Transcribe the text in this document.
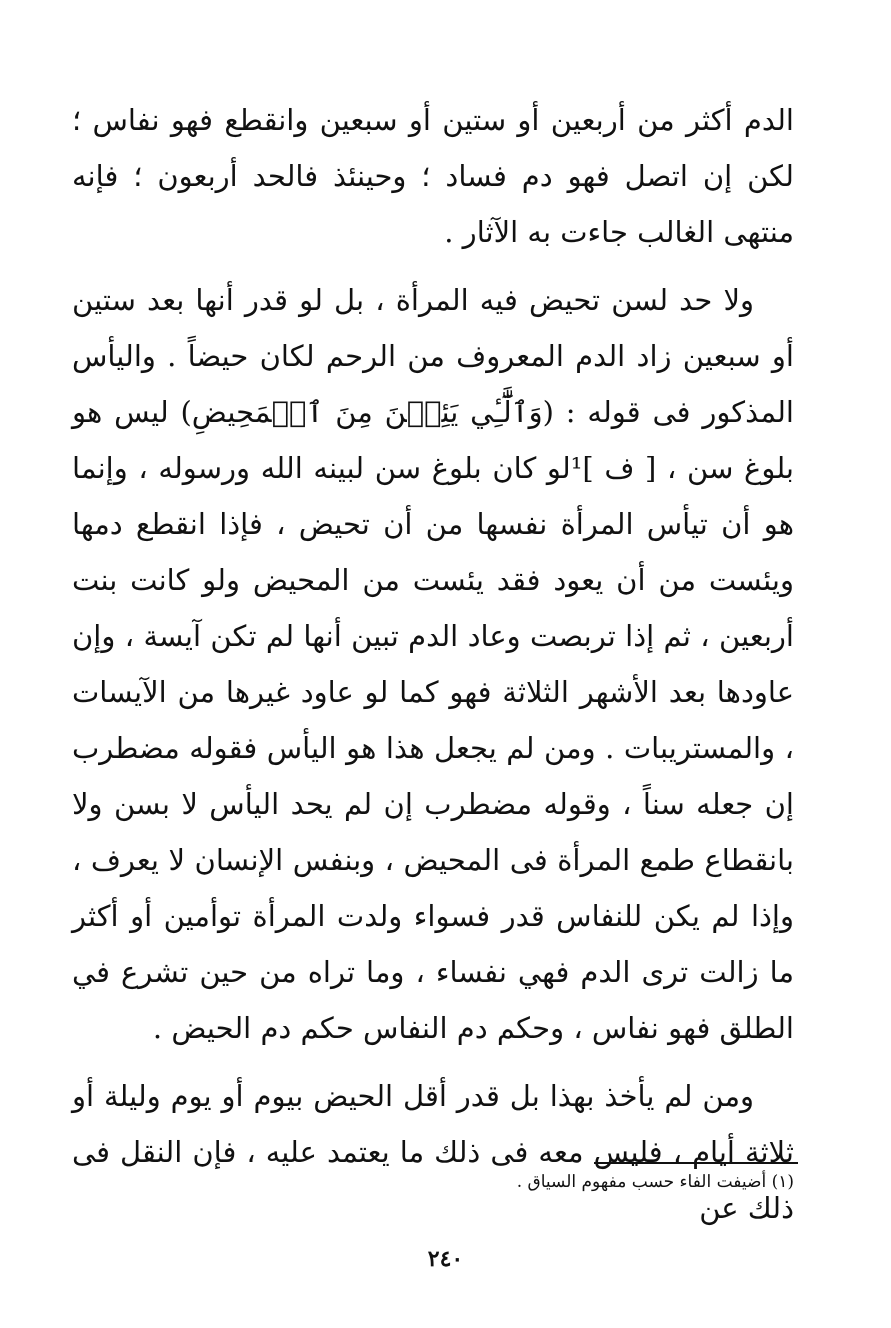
الدم أكثر من أربعين أو ستين أو سبعين وانقطع فهو نفاس ؛ لكن إن اتصل فهو دم فساد ؛ وحينئذ فالحد أربعون ؛ فإنه منتهى الغالب جاءت به الآثار .

ولا حد لسن تحيض فيه المرأة ، بل لو قدر أنها بعد ستين أو سبعين زاد الدم المعروف من الرحم لكان حيضاً . واليأس المذكور فى قوله : (وَٱلَّٰٓـِٔي يَئِسۡنَ مِنَ ٱلۡمَحِيضِ) ليس هو بلوغ سن ، [ ف ]¹لو كان بلوغ سن لبينه الله ورسوله ، وإنما هو أن تيأس المرأة نفسها من أن تحيض ، فإذا انقطع دمها ويئست من أن يعود فقد يئست من المحيض ولو كانت بنت أربعين ، ثم إذا تربصت وعاد الدم تبين أنها لم تكن آيسة ، وإن عاودها بعد الأشهر الثلاثة فهو كما لو عاود غيرها من الآيسات ، والمستريبات . ومن لم يجعل هذا هو اليأس فقوله مضطرب إن جعله سناً ، وقوله مضطرب إن لم يحد اليأس لا بسن ولا بانقطاع طمع المرأة فى المحيض ، وبنفس الإنسان لا يعرف ، وإذا لم يكن للنفاس قدر فسواء ولدت المرأة توأمين أو أكثر ما زالت ترى الدم فهي نفساء ، وما تراه من حين تشرع في الطلق فهو نفاس ، وحكم دم النفاس حكم دم الحيض .

ومن لم يأخذ بهذا بل قدر أقل الحيض بيوم أو يوم وليلة أو ثلاثة أيام ، فليس معه فى ذلك ما يعتمد عليه ، فإن النقل فى ذلك عن

(١) أضيفت الفاء حسب مفهوم السياق .
٢٤٠
